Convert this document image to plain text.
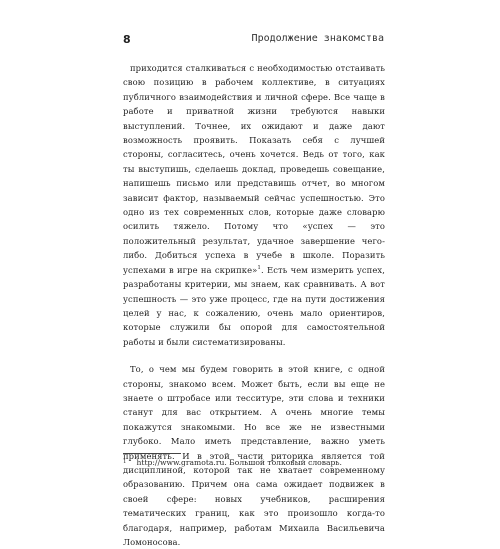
8	Продолжение знакомства

приходится сталкиваться с необходимостью отстаивать свою позицию в рабочем коллективе, в ситуациях публичного взаимодействия и личной сфере. Все чаще в работе и приватной жизни требуются навыки выступлений. Точнее, их ожидают и даже дают возможность проявить. Показать себя с лучшей стороны, согласитесь, очень хочется. Ведь от того, как ты выступишь, сделаешь доклад, проведешь совещание, напишешь письмо или представишь отчет, во многом зависит фактор, называемый сейчас успешностью. Это одно из тех современных слов, которые даже словарю осилить тяжело. Потому что «успех — это положительный результат, удачное завершение чего-либо. Добиться успеха в учебе в школе. Поразить успехами в игре на скрипке»$^1$. Есть чем измерить успех, разработаны критерии, мы знаем, как сравнивать. А вот успешность — это уже процесс, где на пути достижения целей у нас, к сожалению, очень мало ориентиров, которые служили бы опорой для самостоятельной работы и были систематизированы.

То, о чем мы будем говорить в этой книге, с одной стороны, знакомо всем. Может быть, если вы еще не знаете о штробасе или тесситуре, эти слова и техники станут для вас открытием. А очень многие темы покажутся знакомыми. Но все же не известными глубоко. Мало иметь представление, важно уметь применять. И в этой части риторика является той дисциплиной, которой так не хватает современному образованию. Причем она сама ожидает подвижек в своей сфере: новых учебников, расширения тематических границ, как это произошло когда-то благодаря, например, работам Михаила Васильевича Ломоносова.

$^1$ http://www.gramota.ru. Большой толковый словарь.
